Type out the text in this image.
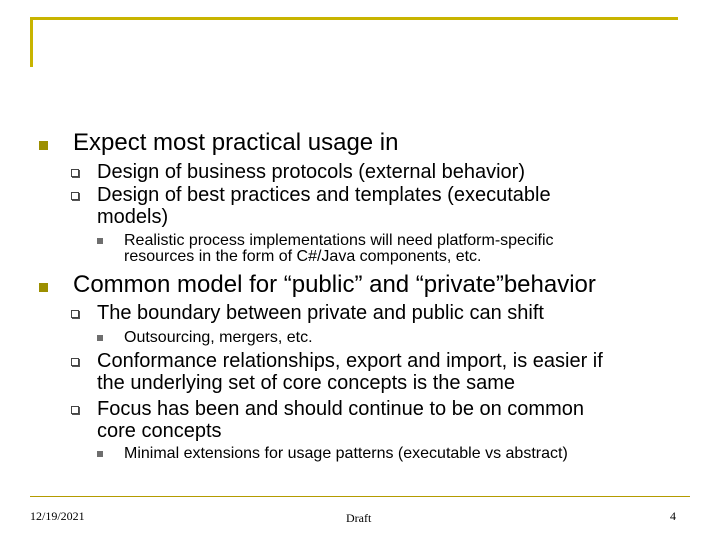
Expect most practical usage in
Design of business protocols (external behavior)
Design of best practices and templates (executable
models)
Realistic process implementations will need platform-specific
resources in the form of C#/Java components, etc.
Common model for “public” and “private”behavior
The boundary between private and public can shift
Outsourcing, mergers, etc.
Conformance relationships, export and import, is easier if
the underlying set of core concepts is the same
Focus has been and should continue to be on common
core concepts
Minimal extensions for usage patterns (executable vs abstract)
12/19/2021	Draft	4
